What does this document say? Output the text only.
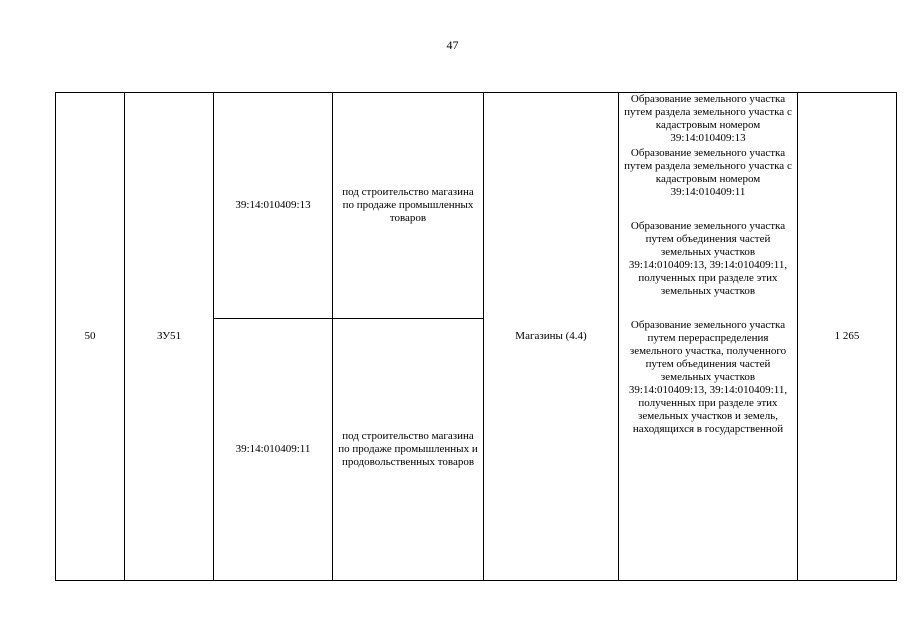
47
50	ЗУ51	39:14:010409:13	под строительство магазина по продаже промышленных товаров	Магазины (4.4)	Образование земельного участка путем раздела земельного участка с кадастровым номером 39:14:010409:13
Образование земельного участка путем раздела земельного участка с кадастровым номером 39:14:010409:11
Образование земельного участка путем объединения частей земельных участков 39:14:010409:13, 39:14:010409:11, полученных при разделе этих земельных участков
Образование земельного участка путем перераспределения земельного участка, полученного путем объединения частей земельных участков 39:14:010409:13, 39:14:010409:11, полученных при разделе этих земельных участков и земель, находящихся в государственной	1 265
		39:14:010409:11	под строительство магазина по продаже промышленных и продовольственных товаров			
